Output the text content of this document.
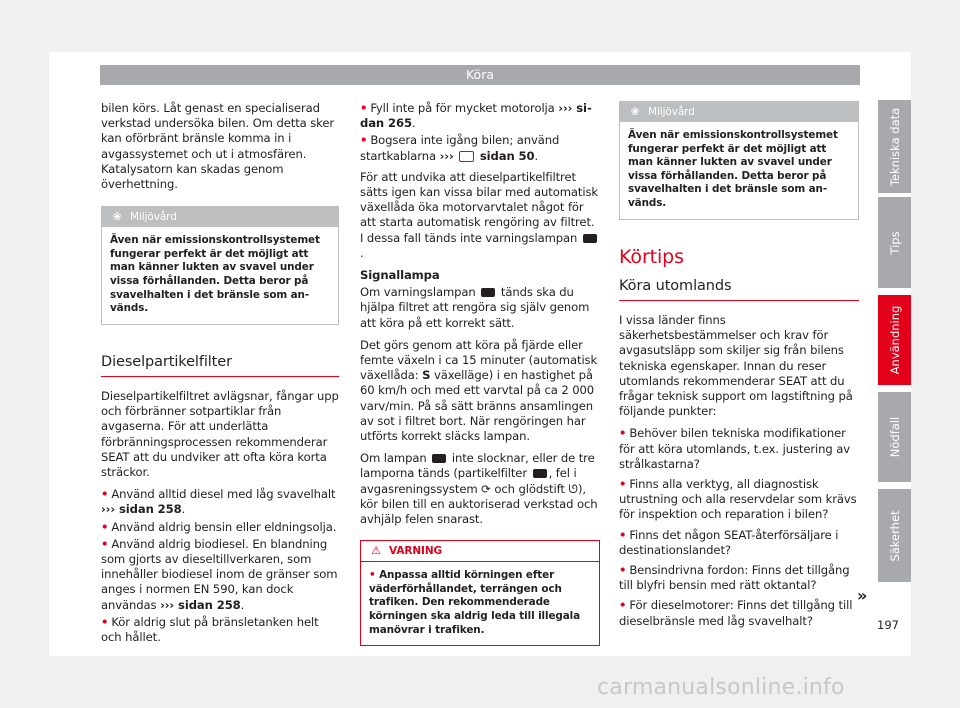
Köra

bilen körs. Låt genast en specialiserad verkstad undersöka bilen. Om detta sker kan oförbränt bränsle komma in i avgassystemet och ut i atmosfären. Katalysatorn kan skadas genom överhettning.

❀ Miljövård
Även när emissionskontrollsystemet fungerar perfekt är det möjligt att man känner lukten av svavel under vissa förhållanden. Detta beror på svavelhalten i det bränsle som används.
Dieselpartikelfilter

Dieselpartikelfiltret avlägsnar, fångar upp och förbränner sotpartiklar från avgaserna. För att underlätta förbränningsprocessen rekommenderar SEAT att du undviker att ofta köra korta sträckor.

• Använd alltid diesel med låg svavelhalt ››› sidan 258.
• Använd aldrig bensin eller eldningsolja.
• Använd aldrig biodiesel. En blandning som gjorts av dieseltillverkaren, som innehåller biodiesel inom de gränser som anges i normen EN 590, kan dock användas ››› sidan 258.
• Kör aldrig slut på bränsletanken helt och hållet.
• Fyll inte på för mycket motorolja ››› sidan 265.
• Bogsera inte igång bilen; använd startkablarna ››› sidan 50.

För att undvika att dieselpartikelfiltret sätts igen kan vissa bilar med automatisk växellåda öka motorvarvtalet något för att starta automatisk rengöring av filtret. I dessa fall tänds inte varningslampan .

Signallampa

Om varningslampan tänds ska du hjälpa filtret att rengöra sig själv genom att köra på ett korrekt sätt.

Det görs genom att köra på fjärde eller femte växeln i ca 15 minuter (automatisk växellåda: S växelläge) i en hastighet på 60 km/h och med ett varvtal på ca 2 000 varv/min. På så sätt bränns ansamlingen av sot i filtret bort. När rengöringen har utförts korrekt släcks lampan.

Om lampan inte slocknar, eller de tre lamporna tänds (partikelfilter , fel i avgasreningssystem ⟳ och glödstift ᘎ), kör bilen till en auktoriserad verkstad och avhjälp felen snarast.

⚠ VARNING
• Anpassa alltid körningen efter väderförhållandet, terrängen och trafiken. Den rekommenderade körningen ska aldrig leda till illegala manövrar i trafiken.
❀ Miljövård
Även när emissionskontrollsystemet fungerar perfekt är det möjligt att man känner lukten av svavel under vissa förhållanden. Detta beror på svavelhalten i det bränsle som används.
Körtips
Köra utomlands

I vissa länder finns säkerhetsbestämmelser och krav för avgasutsläpp som skiljer sig från bilens tekniska egenskaper. Innan du reser utomlands rekommenderar SEAT att du frågar teknisk support om lagstiftning på följande punkter:

• Behöver bilen tekniska modifikationer för att köra utomlands, t.ex. justering av strålkastarna?
• Finns alla verktyg, all diagnostisk utrustning och alla reservdelar som krävs för inspektion och reparation i bilen?
• Finns det någon SEAT-återförsäljare i destinationslandet?
• Bensindrivna fordon: Finns det tillgång till blyfri bensin med rätt oktantal?
• För dieselmotorer: Finns det tillgång till dieselbränsle med låg svavelhalt?
Tekniska data
Tips
Användning
Nödfall
Säkerhet
»
197
carmanualsonline.info
